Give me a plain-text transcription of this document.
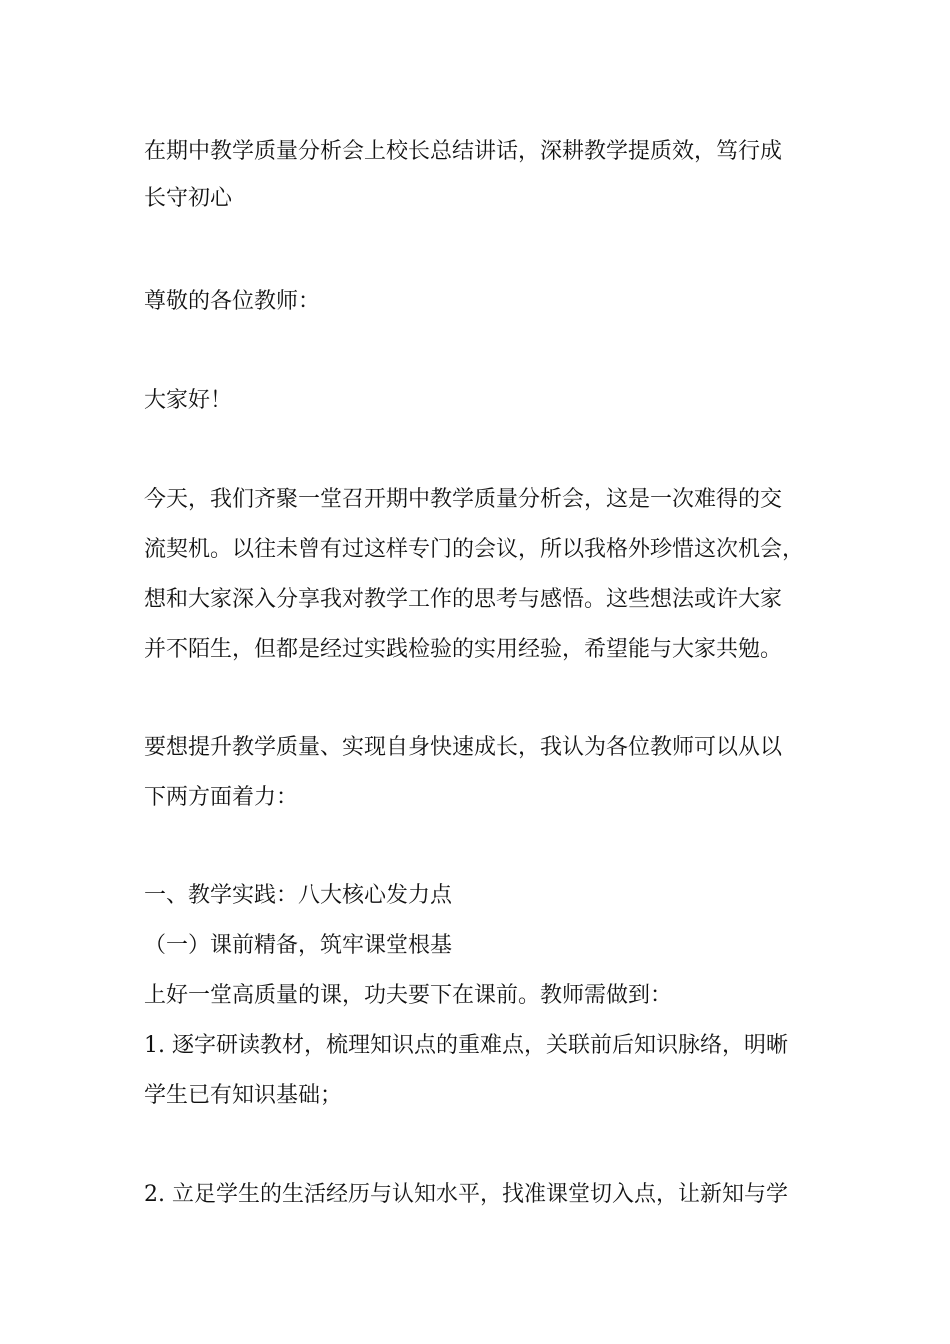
在期中教学质量分析会上校长总结讲话，深耕教学提质效，笃行成
长守初心
尊敬的各位教师：
大家好！
今天，我们齐聚一堂召开期中教学质量分析会，这是一次难得的交
流契机。以往未曾有过这样专门的会议，所以我格外珍惜这次机会，
想和大家深入分享我对教学工作的思考与感悟。这些想法或许大家
并不陌生，但都是经过实践检验的实用经验，希望能与大家共勉。
要想提升教学质量、实现自身快速成长，我认为各位教师可以从以
下两方面着力：
一、教学实践：八大核心发力点
（一）课前精备，筑牢课堂根基
上好一堂高质量的课，功夫要下在课前。教师需做到：
1. 逐字研读教材，梳理知识点的重难点，关联前后知识脉络，明晰
学生已有知识基础；
2. 立足学生的生活经历与认知水平，找准课堂切入点，让新知与学
